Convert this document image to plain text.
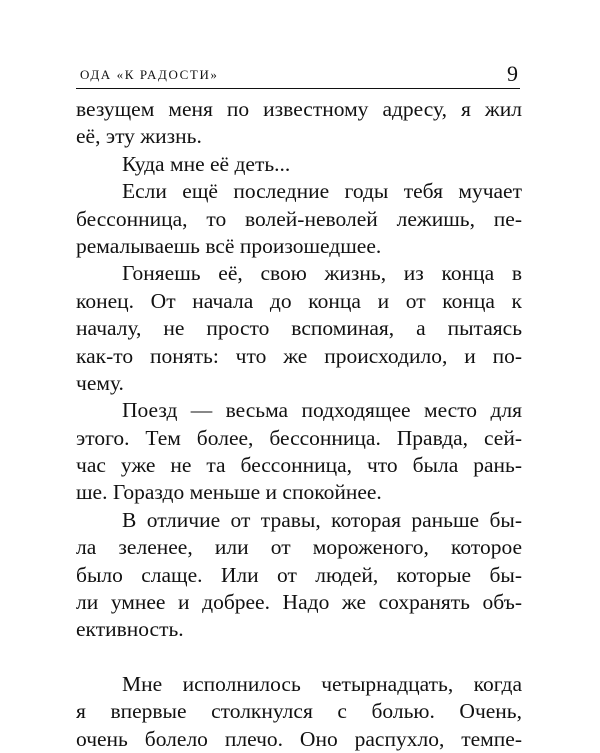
ОДА «К РАДОСТИ»	9
везущем меня по известному адресу, я жил
её, эту жизнь.
Куда мне её деть...
Если ещё последние годы тебя мучает
бессонница, то волей-неволей лежишь, пе-
ремалываешь всё произошедшее.
Гоняешь её, свою жизнь, из конца в
конец. От начала до конца и от конца к
началу, не просто вспоминая, а пытаясь
как-то понять: что же происходило, и по-
чему.
Поезд — весьма подходящее место для
этого. Тем более, бессонница. Правда, сей-
час уже не та бессонница, что была рань-
ше. Гораздо меньше и спокойнее.
В отличие от травы, которая раньше бы-
ла зеленее, или от мороженого, которое
было слаще. Или от людей, которые бы-
ли умнее и добрее. Надо же сохранять объ-
ективность.
Мне исполнилось четырнадцать, когда
я впервые столкнулся с болью. Очень,
очень болело плечо. Оно распухло, темпе-
